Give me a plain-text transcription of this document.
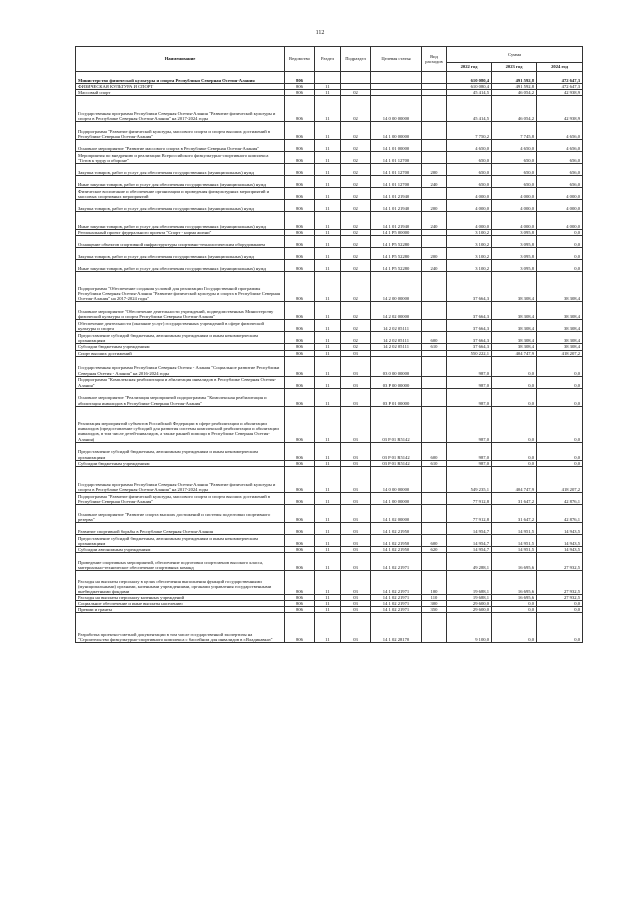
112
Наименование	Ведомство	Раздел	Подраздел	Целевая статья	Вид расходов	Сумма		
						2022 год	2023 год	2024 год
Министерство физической культуры и спорта Республики Северная Осетия-Алания	806					610 080,4	491 592,8	472 647,3
ФИЗИЧЕСКАЯ КУЛЬТУРА И СПОРТ	806	11				610 080,4	491 592,8	472 647,3
Массовый спорт	806	11	02			45 414,5	46 054,2	42 938,9
Государственная программа Республики Северная Осетия-Алания "Развитие физической культуры и спорта в Республике Северная Осетия-Алания" на 2017-2024 годы	806	11	02	14 0 00 00000		45 414,5	46 054,2	42 938,9
Подпрограмма "Развитие физической культуры, массового спорта и спорта высших достижений в Республике Северная Осетия-Алания"	806	11	02	14 1 00 00000		7 750,2	7 745,8	4 656,0
Основное мероприятие "Развитие массового спорта в Республике Северная Осетия-Алания"	806	11	02	14 1 01 00000		4 650,0	4 650,0	4 656,0
Мероприятия по внедрению и реализации Всероссийского физкультурно-спортивного комплекса "Готов к труду и обороне"	806	11	02	14 1 01 12700		650,0	650,0	656,0
Закупка товаров, работ и услуг для обеспечения государственных (муниципальных) нужд	806	11	02	14 1 01 12700	200	650,0	650,0	656,0
Иные закупки товаров, работ и услуг для обеспечения государственных (муниципальных) нужд	806	11	02	14 1 01 12700	240	650,0	650,0	656,0
Физическое воспитание и обеспечение организации и проведения физкультурных мероприятий и массовых спортивных мероприятий	806	11	02	14 1 01 21940		4 000,0	4 000,0	4 000,0
Закупка товаров, работ и услуг для обеспечения государственных (муниципальных) нужд	806	11	02	14 1 01 21940	200	4 000,0	4 000,0	4 000,0
Иные закупки товаров, работ и услуг для обеспечения государственных (муниципальных) нужд	806	11	02	14 1 01 21940	240	4 000,0	4 000,0	4 000,0
Региональный проект федерального проекта "Спорт - норма жизни"	806	11	02	14 1 P5 00000		3 100,2	3 095,8	0,0
Оснащение объектов спортивной инфраструктуры спортивно-технологическим оборудованием	806	11	02	14 1 P5 52280		3 100,2	3 095,8	0,0
Закупка товаров, работ и услуг для обеспечения государственных (муниципальных) нужд	806	11	02	14 1 P5 52280	200	3 100,2	3 095,8	0,0
Иные закупки товаров, работ и услуг для обеспечения государственных (муниципальных) нужд	806	11	02	14 1 P5 52280	240	3 100,2	3 095,8	0,0
Подпрограмма "Обеспечение создания условий для реализации Государственной программы Республики Северная Осетия-Алания "Развитие физической культуры и спорта в Республике Северная Осетия-Алания" на 2017-2024 годы"	806	11	02	14 2 00 00000		37 664,3	38 308,4	38 308,4
Основное мероприятие "Обеспечение деятельности учреждений, подведомственных Министерству физической культуры и спорта Республики Северная Осетия-Алания"	806	11	02	14 2 02 00000		37 664,3	38 308,4	38 308,4
Обеспечение деятельности (оказание услуг) государственных учреждений в сфере физической культуры и спорта	806	11	02	14 2 02 05111		37 664,3	38 308,4	38 308,4
Предоставление субсидий бюджетным, автономным учреждениям и иным некоммерческим организациям	806	11	02	14 2 02 05111	600	37 664,3	38 308,4	38 308,4
Субсидии бюджетным учреждениям	806	11	02	14 2 02 05111	610	37 664,3	38 308,4	38 308,4
Спорт высших достижений	806	11	03			550 222,1	404 747,9	418 207,2
Государственная программа Республики Северная Осетия - Алания "Социальное развитие Республики Северная Осетия - Алания" на 2016-2024 годы	806	11	03	03 0 00 00000		987,0	0,0	0,0
Подпрограмма "Комплексная реабилитация и абилитация инвалидов в Республике Северная Осетия-Алания"	806	11	03	03 P 00 00000		987,0	0,0	0,0
Основное мероприятие "Реализация мероприятий подпрограммы "Комплексная реабилитация и абилитация инвалидов в Республике Северная Осетия-Алания"	806	11	03	03 P 01 00000		987,0	0,0	0,0
Реализация мероприятий субъектов Российской Федерации в сфере реабилитации и абилитации инвалидов (предоставление субсидий для развития системы комплексной реабилитации и абилитации инвалидов, в том числе детей-инвалидов, а также ранней помощи в Республике Северная Осетия-Алания)	806	11	03	03 P 01 R5142		987,0	0,0	0,0
Предоставление субсидий бюджетным, автономным учреждениям и иным некоммерческим организациям	806	11	03	03 P 01 R5142	600	987,0	0,0	0,0
Субсидии бюджетным учреждениям	806	11	03	03 P 01 R5142	610	987,0	0,0	0,0
Государственная программа Республики Северная Осетия-Алания "Развитие физической культуры и спорта в Республике Северная Осетия-Алания" на 2017-2024 годы	806	11	03	14 0 00 00000		549 235,1	404 747,9	418 207,2
Подпрограмма "Развитие физической культуры, массового спорта и спорта высших достижений в Республике Северная Осетия-Алания"	806	11	03	14 1 00 00000		77 912,8	31 647,2	42 876,1
Основное мероприятие "Развитие спорта высших достижений и системы подготовки спортивного резерва"	806	11	03	14 1 02 00000		77 912,8	31 647,2	42 876,1
Развитие спортивной борьбы в Республике Северная Осетия-Алания	806	11	03	14 1 02 21950		14 954,7	14 951,5	14 943,5
Предоставление субсидий бюджетным, автономным учреждениям и иным некоммерческим организациям	806	11	03	14 1 02 21950	600	14 954,7	14 951,5	14 943,5
Субсидии автономным учреждениям	806	11	03	14 1 02 21950	620	14 954,7	14 951,5	14 943,5
Проведение спортивных мероприятий, обеспечение подготовки спортсменов высокого класса, материально-техническое обеспечение спортивных команд	806	11	03	14 1 02 21971		49 288,1	16 695,6	27 932,5
Расходы на выплаты персоналу в целях обеспечения выполнения функций государственными (муниципальными) органами, казенными учреждениями, органами управления государственными внебюджетными фондами	806	11	03	14 1 02 21971	100	19 688,1	16 695,6	27 932,5
Расходы на выплаты персоналу казенных учреждений	806	11	03	14 1 02 21971	110	19 688,1	16 695,6	27 932,5
Социальное обеспечение и иные выплаты населению	806	11	03	14 1 02 21971	300	29 600,0	0,0	0,0
Премии и гранты	806	11	03	14 1 02 21971	350	29 600,0	0,0	0,0
Разработка проектно-сметной документации в том числе государственной экспертизы на "Строительство физкультурно-спортивного комплекса с бассейном для инвалидов в г.Владикавказ"	806	11	03	14 1 02 28170		9 100,0	0,0	0,0
